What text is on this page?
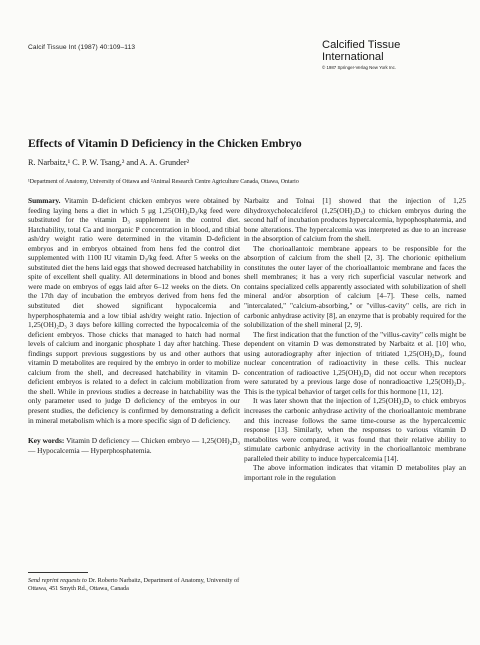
Calcif Tissue Int (1987) 40:109–113	Calcified Tissue
International
© 1987 Springer-Verlag New York Inc.
Effects of Vitamin D Deficiency in the Chicken Embryo
R. Narbaitz,¹ C. P. W. Tsang,² and A. A. Grunder²
¹Department of Anatomy, University of Ottawa and ²Animal Research Centre Agriculture Canada, Ottawa, Ontario

Summary. Vitamin D-deficient chicken embryos were obtained by feeding laying hens a diet in which 5 μg 1,25(OH)₂D₃/kg feed were substituted for the vitamin D₃ supplement in the control diet. Hatchability, total Ca and inorganic P concentration in blood, and tibial ash/dry weight ratio were determined in the vitamin D-deficient embryos and in embryos obtained from hens fed the control diet supplemented with 1100 IU vitamin D₃/kg feed. After 5 weeks on the substituted diet the hens laid eggs that showed decreased hatchability in spite of excellent shell quality. All determinations in blood and bones were made on embryos of eggs laid after 6–12 weeks on the diets. On the 17th day of incubation the embryos derived from hens fed the substituted diet showed significant hypocalcemia and hyperphosphatemia and a low tibial ash/dry weight ratio. Injection of 1,25(OH)₂D₃ 3 days before killing corrected the hypocalcemia of the deficient embryos. Those chicks that managed to hatch had normal levels of calcium and inorganic phosphate 1 day after hatching. These findings support previous suggestions by us and other authors that vitamin D metabolites are required by the embryo in order to mobilize calcium from the shell, and decreased hatchability in vitamin D-deficient embryos is related to a defect in calcium mobilization from the shell. While in previous studies a decrease in hatchability was the only parameter used to judge D deficiency of the embryos in our present studies, the deficiency is confirmed by demonstrating a deficit in mineral metabolism which is a more specific sign of D deficiency.

Key words: Vitamin D deficiency — Chicken embryo — 1,25(OH)₂D₃ — Hypocalcemia — Hyperphosphatemia.

Send reprint requests to Dr. Roberto Narbaitz, Department of Anatomy, University of Ottawa, 451 Smyth Rd., Ottawa, Canada

Narbaitz and Tolnai [1] showed that the injection of 1,25 dihydroxycholecalciferol (1,25(OH)₂D₃) to chicken embryos during the second half of incubation produces hypercalcemia, hypophosphatemia, and bone alterations. The hypercalcemia was interpreted as due to an increase in the absorption of calcium from the shell.

The chorioallantoic membrane appears to be responsible for the absorption of calcium from the shell [2, 3]. The chorionic epithelium constitutes the outer layer of the chorioallantoic membrane and faces the shell membranes; it has a very rich superficial vascular network and contains specialized cells apparently associated with solubilization of shell mineral and/or absorption of calcium [4–7]. These cells, named "intercalated," "calcium-absorbing," or "villus-cavity" cells, are rich in carbonic anhydrase activity [8], an enzyme that is probably required for the solubilization of the shell mineral [2, 9].

The first indication that the function of the "villus-cavity" cells might be dependent on vitamin D was demonstrated by Narbaitz et al. [10] who, using autoradiography after injection of tritiated 1,25(OH)₂D₃, found nuclear concentration of radioactivity in these cells. This nuclear concentration of radioactive 1,25(OH)₂D₃ did not occur when receptors were saturated by a previous large dose of nonradioactive 1,25(OH)₂D₃. This is the typical behavior of target cells for this hormone [11, 12].

It was later shown that the injection of 1,25(OH)₂D₃ to chick embryos increases the carbonic anhydrase activity of the chorioallantoic membrane and this increase follows the same time-course as the hypercalcemic response [13]. Similarly, when the responses to various vitamin D metabolites were compared, it was found that their relative ability to stimulate carbonic anhydrase activity in the chorioallantoic membrane paralleled their ability to induce hypercalcemia [14].

The above information indicates that vitamin D metabolites play an important role in the regulation
